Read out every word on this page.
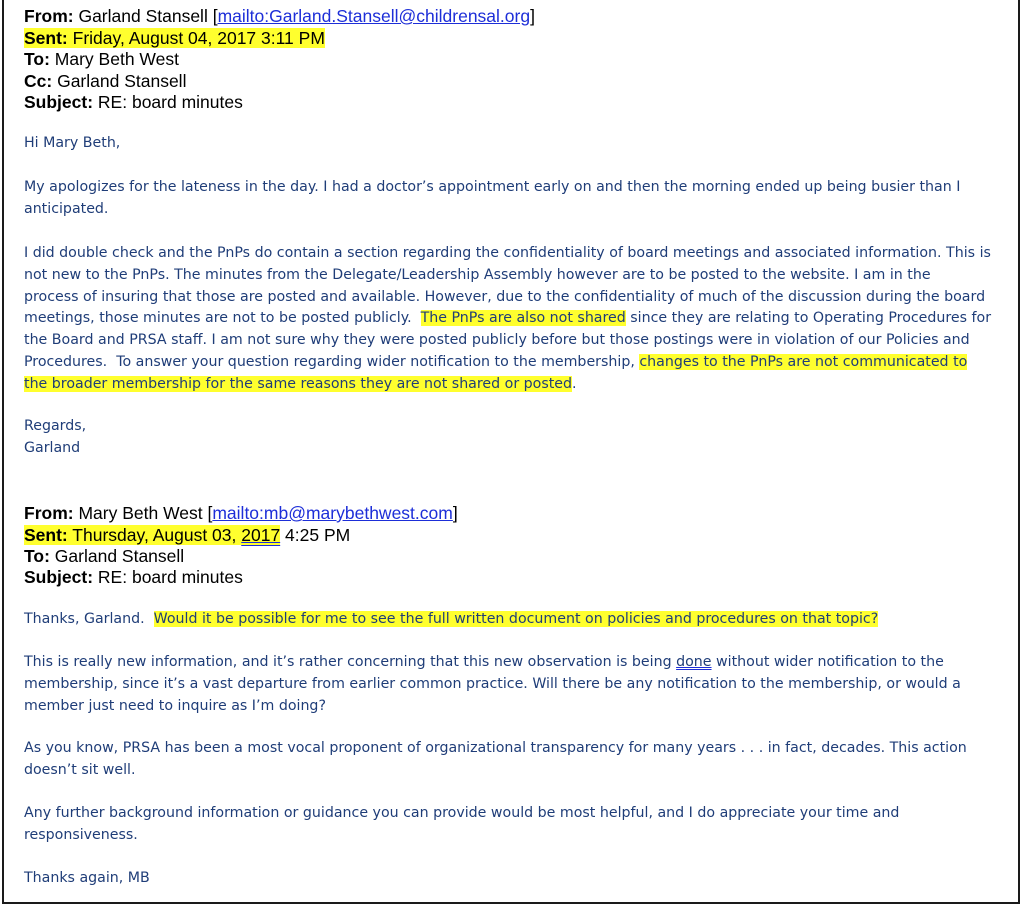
From: Garland Stansell [mailto:Garland.Stansell@childrensal.org]
Sent: Friday, August 04, 2017 3:11 PM
To: Mary Beth West
Cc: Garland Stansell
Subject: RE: board minutes
Hi Mary Beth,
My apologizes for the lateness in the day. I had a doctor’s appointment early on and then the morning ended up being busier than I
anticipated.
I did double check and the PnPs do contain a section regarding the confidentiality of board meetings and associated information. This is
not new to the PnPs. The minutes from the Delegate/Leadership Assembly however are to be posted to the website. I am in the
process of insuring that those are posted and available. However, due to the confidentiality of much of the discussion during the board
meetings, those minutes are not to be posted publicly.  The PnPs are also not shared since they are relating to Operating Procedures for
the Board and PRSA staff. I am not sure why they were posted publicly before but those postings were in violation of our Policies and
Procedures.  To answer your question regarding wider notification to the membership, changes to the PnPs are not communicated to
the broader membership for the same reasons they are not shared or posted.
Regards,
Garland
From: Mary Beth West [mailto:mb@marybethwest.com]
Sent: Thursday, August 03, 2017 4:25 PM
To: Garland Stansell
Subject: RE: board minutes
Thanks, Garland.  Would it be possible for me to see the full written document on policies and procedures on that topic?
This is really new information, and it’s rather concerning that this new observation is being done without wider notification to the
membership, since it’s a vast departure from earlier common practice. Will there be any notification to the membership, or would a
member just need to inquire as I’m doing?
As you know, PRSA has been a most vocal proponent of organizational transparency for many years . . . in fact, decades. This action
doesn’t sit well.
Any further background information or guidance you can provide would be most helpful, and I do appreciate your time and
responsiveness.
Thanks again, MB
